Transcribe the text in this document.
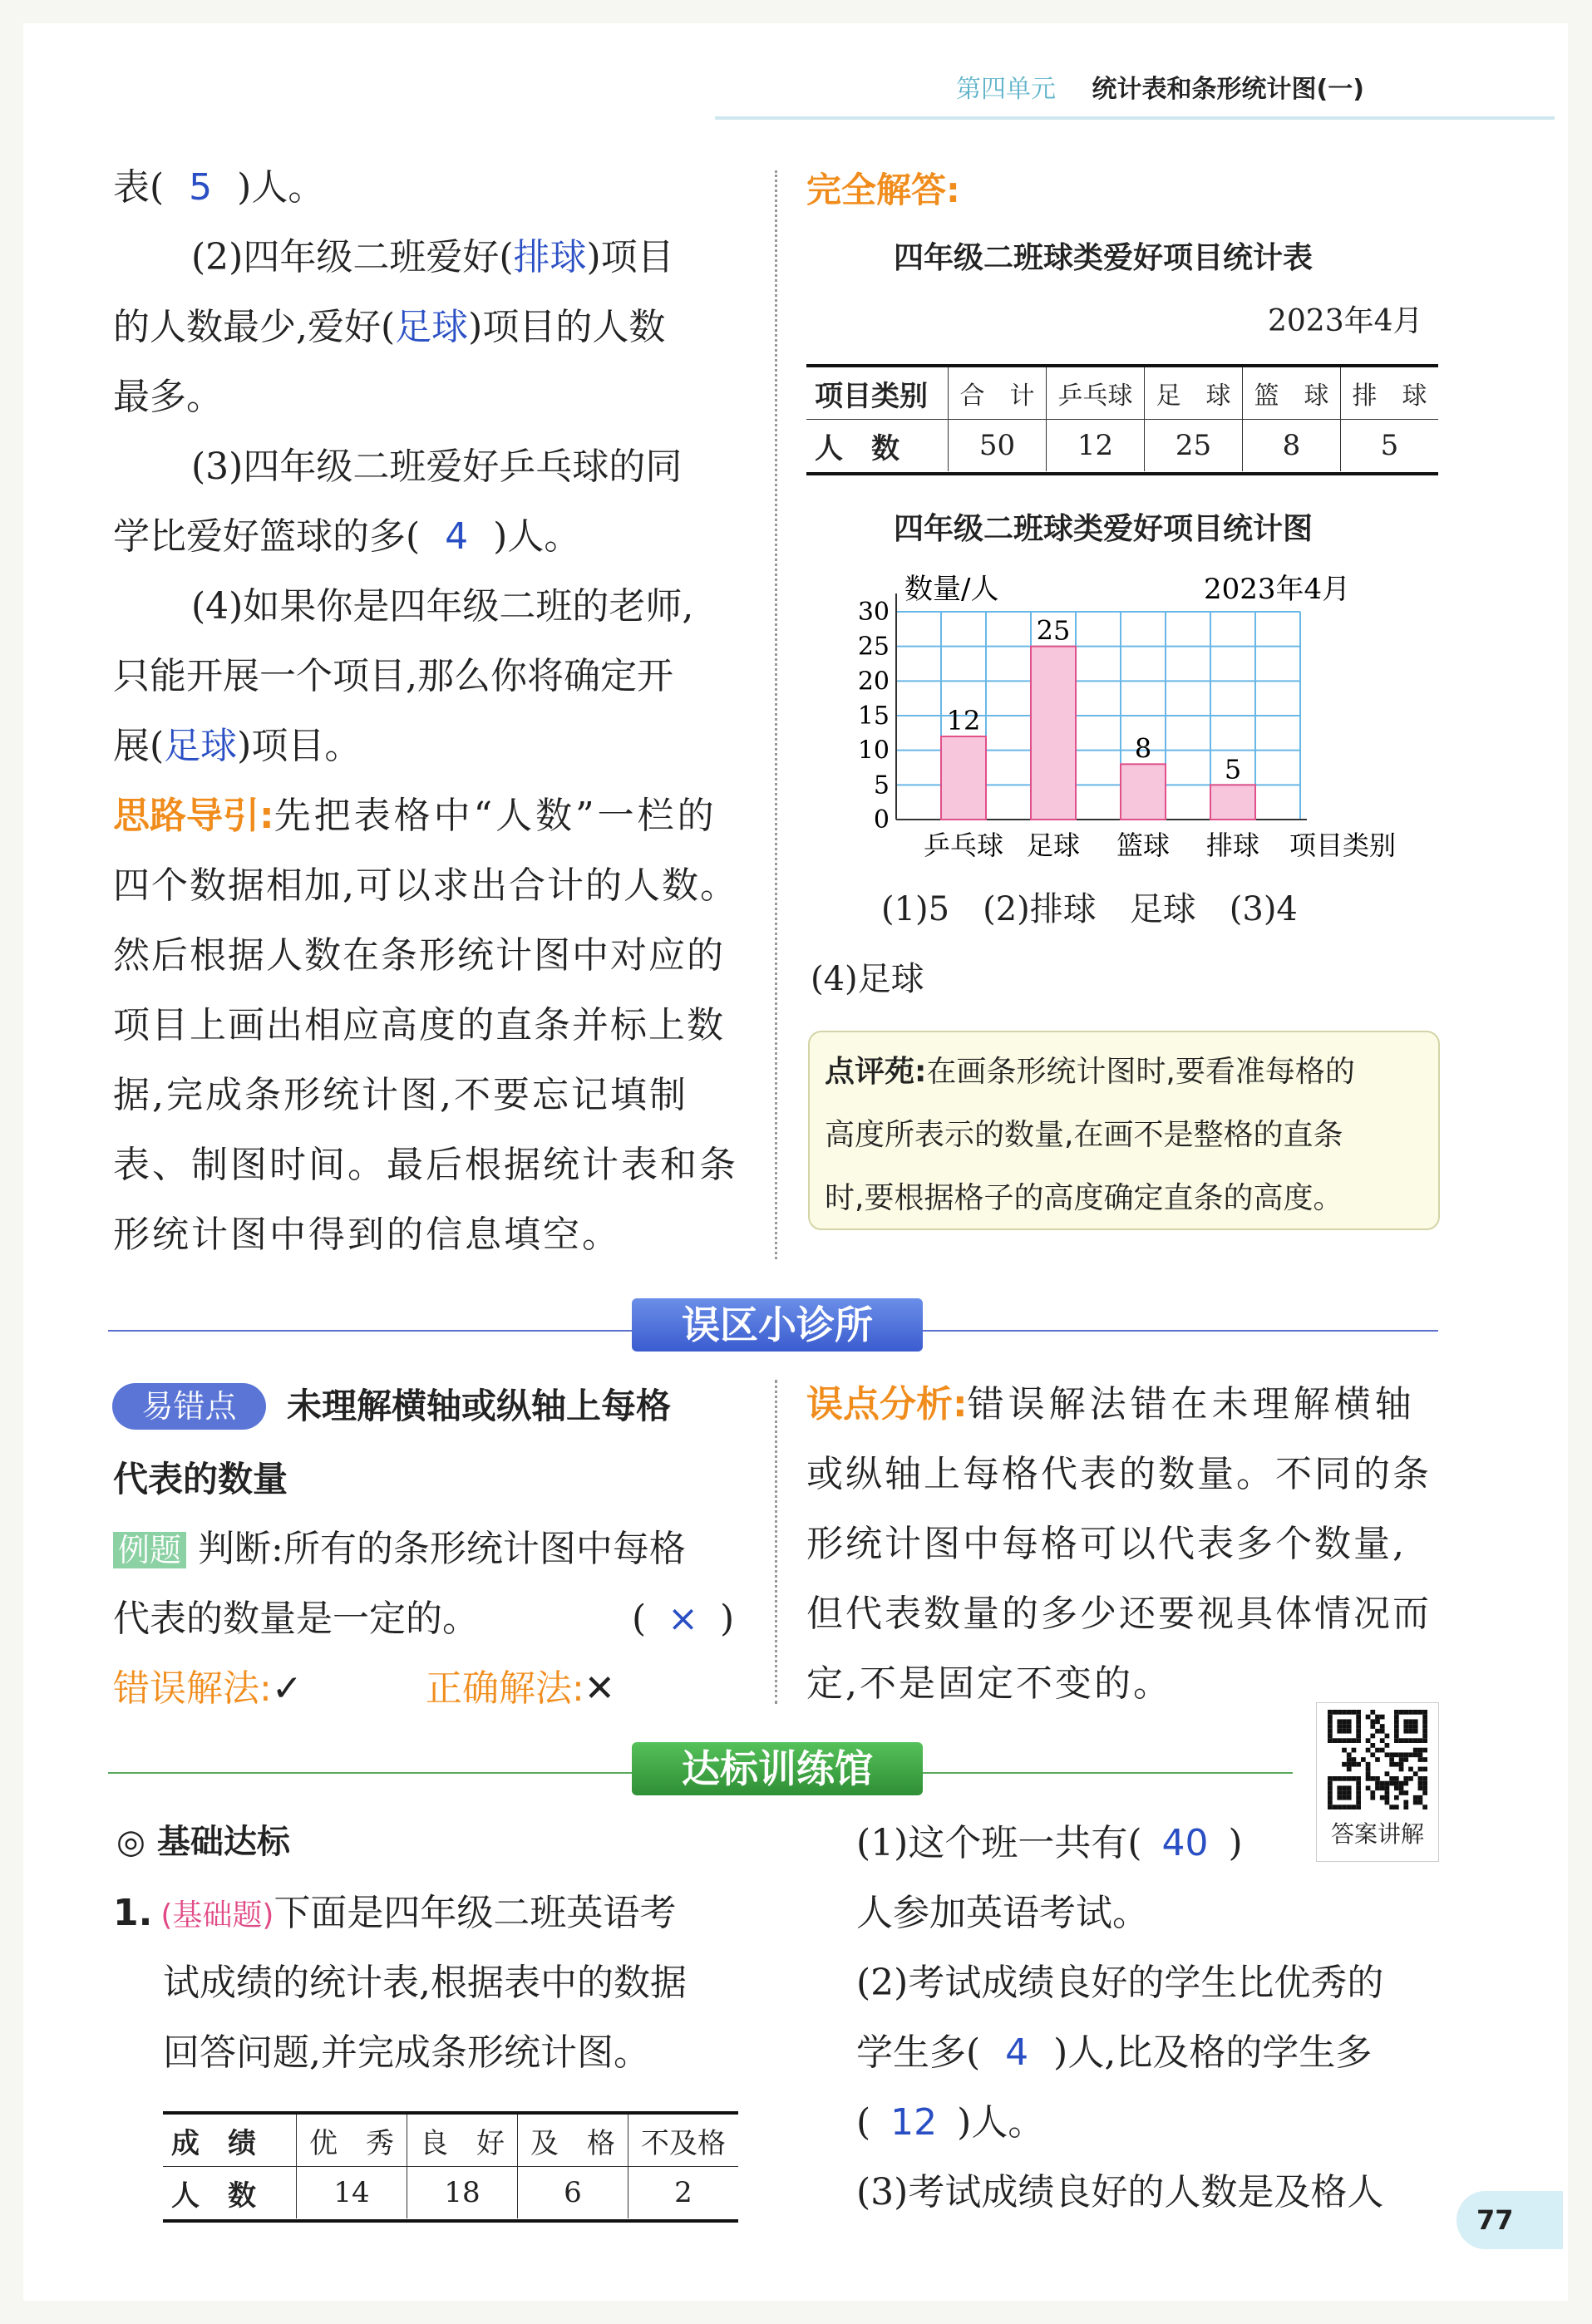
第四单元 统计表和条形统计图(一)
表( 5 )人。
(2)四年级二班爱好(排球)项目
的人数最少,爱好(足球)项目的人数
最多。
(3)四年级二班爱好乒乓球的同
学比爱好篮球的多( 4 )人。
(4)如果你是四年级二班的老师,
只能开展一个项目,那么你将确定开
展(足球)项目。
思路导引:先把表格中“人数”一栏的
四个数据相加,可以求出合计的人数。
然后根据人数在条形统计图中对应的
项目上画出相应高度的直条并标上数
据,完成条形统计图,不要忘记填制
表、制图时间。最后根据统计表和条
形统计图中得到的信息填空。
完全解答:
四年级二班球类爱好项目统计表
2023年4月
项目类别	合　计	乒乓球	足　球	篮　球	排　球
人　数	50	12	25	8	5
四年级二班球类爱好项目统计图
30
25
20
15
10
5
0
数量/人	2023年4月
12
乒乓球
25
足球
8
篮球
5
排球 项目类别
(1)5　(2)排球　足球　(3)4
(4)足球
点评苑:在画条形统计图时,要看准每格的
高度所表示的数量,在画不是整格的直条
时,要根据格子的高度确定直条的高度。
误区小诊所
易错点	未理解横轴或纵轴上每格
代表的数量
例题 判断:所有的条形统计图中每格
代表的数量是一定的。	( × )
错误解法:✓	正确解法:✕
误点分析:错误解法错在未理解横轴
或纵轴上每格代表的数量。不同的条
形统计图中每格可以代表多个数量,
但代表数量的多少还要视具体情况而
定,不是固定不变的。
达标训练馆
答案讲解
◎ 基础达标
1. (基础题)下面是四年级二班英语考
试成绩的统计表,根据表中的数据
回答问题,并完成条形统计图。
成　绩	优　秀	良　好	及　格	不及格
人　数	14	18	6	2
(1)这个班一共有( 40 )
人参加英语考试。
(2)考试成绩良好的学生比优秀的
学生多( 4 )人,比及格的学生多
( 12 )人。
(3)考试成绩良好的人数是及格人
77
